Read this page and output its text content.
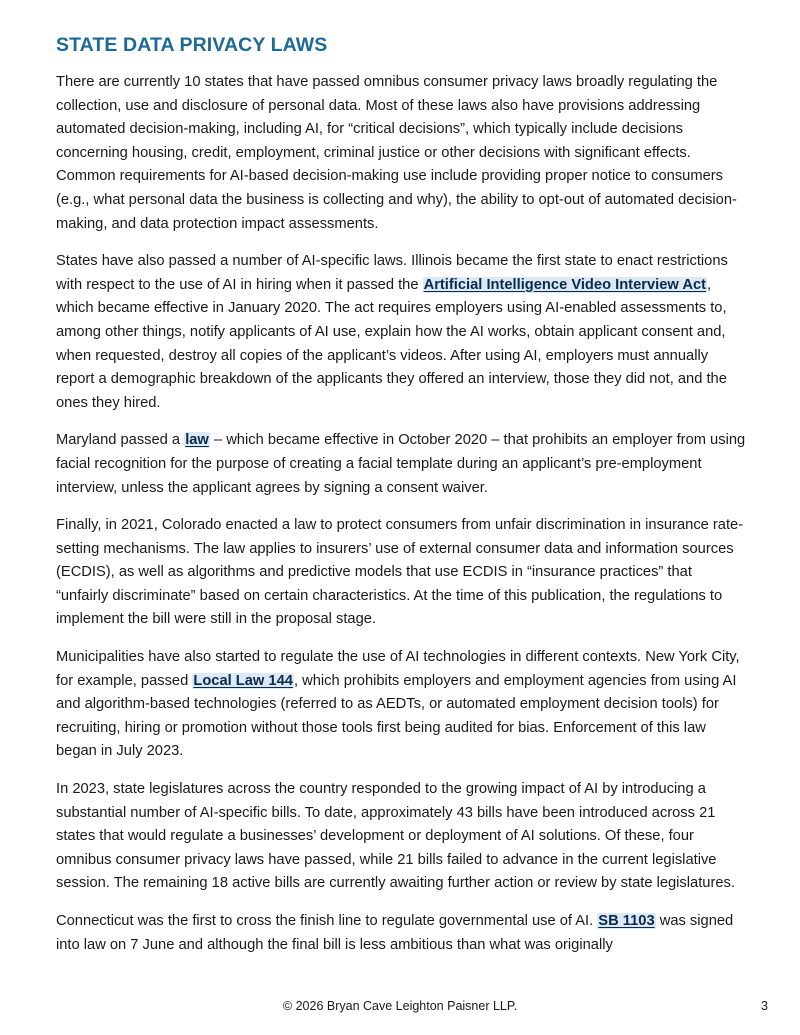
STATE DATA PRIVACY LAWS

There are currently 10 states that have passed omnibus consumer privacy laws broadly regulating the collection, use and disclosure of personal data. Most of these laws also have provisions addressing automated decision-making, including AI, for “critical decisions”, which typically include decisions concerning housing, credit, employment, criminal justice or other decisions with significant effects. Common requirements for AI-based decision-making use include providing proper notice to consumers (e.g., what personal data the business is collecting and why), the ability to opt-out of automated decision-making, and data protection impact assessments.

States have also passed a number of AI-specific laws. Illinois became the first state to enact restrictions with respect to the use of AI in hiring when it passed the Artificial Intelligence Video Interview Act, which became effective in January 2020. The act requires employers using AI-enabled assessments to, among other things, notify applicants of AI use, explain how the AI works, obtain applicant consent and, when requested, destroy all copies of the applicant’s videos. After using AI, employers must annually report a demographic breakdown of the applicants they offered an interview, those they did not, and the ones they hired.

Maryland passed a law – which became effective in October 2020 – that prohibits an employer from using facial recognition for the purpose of creating a facial template during an applicant’s pre-employment interview, unless the applicant agrees by signing a consent waiver.

Finally, in 2021, Colorado enacted a law to protect consumers from unfair discrimination in insurance rate-setting mechanisms. The law applies to insurers’ use of external consumer data and information sources (ECDIS), as well as algorithms and predictive models that use ECDIS in “insurance practices” that “unfairly discriminate” based on certain characteristics. At the time of this publication, the regulations to implement the bill were still in the proposal stage.

Municipalities have also started to regulate the use of AI technologies in different contexts. New York City, for example, passed Local Law 144, which prohibits employers and employment agencies from using AI and algorithm-based technologies (referred to as AEDTs, or automated employment decision tools) for recruiting, hiring or promotion without those tools first being audited for bias. Enforcement of this law began in July 2023.

In 2023, state legislatures across the country responded to the growing impact of AI by introducing a substantial number of AI-specific bills. To date, approximately 43 bills have been introduced across 21 states that would regulate a businesses’ development or deployment of AI solutions. Of these, four omnibus consumer privacy laws have passed, while 21 bills failed to advance in the current legislative session. The remaining 18 active bills are currently awaiting further action or review by state legislatures.

Connecticut was the first to cross the finish line to regulate governmental use of AI. SB 1103 was signed into law on 7 June and although the final bill is less ambitious than what was originally

© 2026 Bryan Cave Leighton Paisner LLP.	3
